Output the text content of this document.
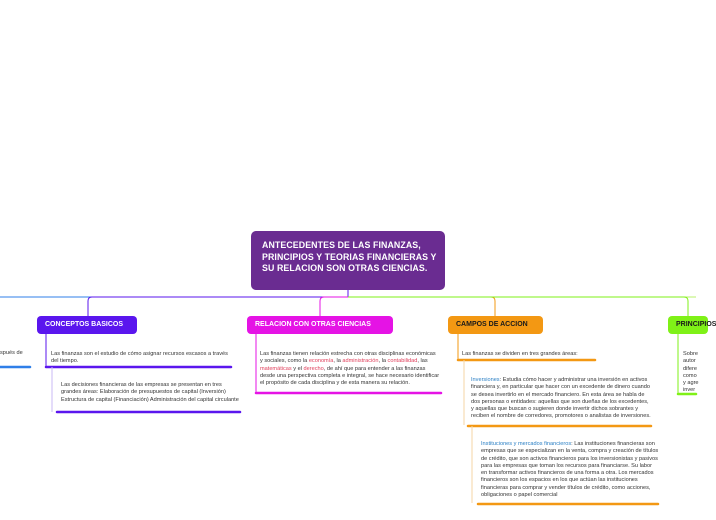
ANTECEDENTES DE LAS FINANZAS, PRINCIPIOS Y TEORIAS FINANCIERAS Y SU RELACION SON OTRAS CIENCIAS.
CONCEPTOS BASICOS	RELACION CON OTRAS CIENCIAS	CAMPOS DE ACCION	PRINCIPIOS
spués de	Las finanzas son el estudio de cómo asignar recursos escasos a través del tiempo.
Las decisiones financieras de las empresas se presentan en tres grandes áreas: Elaboración de presupuestos de capital (Inversión) Estructura de capital (Financiación) Administración del capital circulante
Las finanzas tienen relación estrecha con otras disciplinas económicas y sociales, como la economía, la administración, la contabilidad, las matemáticas y el derecho, de ahí que para entender a las finanzas desde una perspectiva completa e integral, se hace necesario identificar el propósito de cada disciplina y de esta manera su relación.
Las finanzas se dividen en tres grandes áreas:
Inversiones: Estudia cómo hacer y administrar una inversión en activos financiera y, en particular que hacer con un excedente de dinero cuando se desea invertirlo en el mercado financiero. En esta área se habla de dos personas o entidades: aquellas que son dueñas de los excedentes, y aquellas que buscan o sugieren donde invertir dichos sobrantes y reciben el nombre de corredores, promotores o analistas de inversiones.
Instituciones y mercados financieros: Las instituciones financieras son empresas que se especializan en la venta, compra y creación de títulos de crédito, que son activos financieros para los inversionistas y pasivos para las empresas que toman los recursos para financiarse. Su labor en transformar activos financieros de una forma a otra. Los mercados financieros son los espacios en los que actúan las instituciones financieras para comprar y vender títulos de crédito, como acciones, obligaciones o papel comercial
Sobre
autor
difere
como
y agre
inver
